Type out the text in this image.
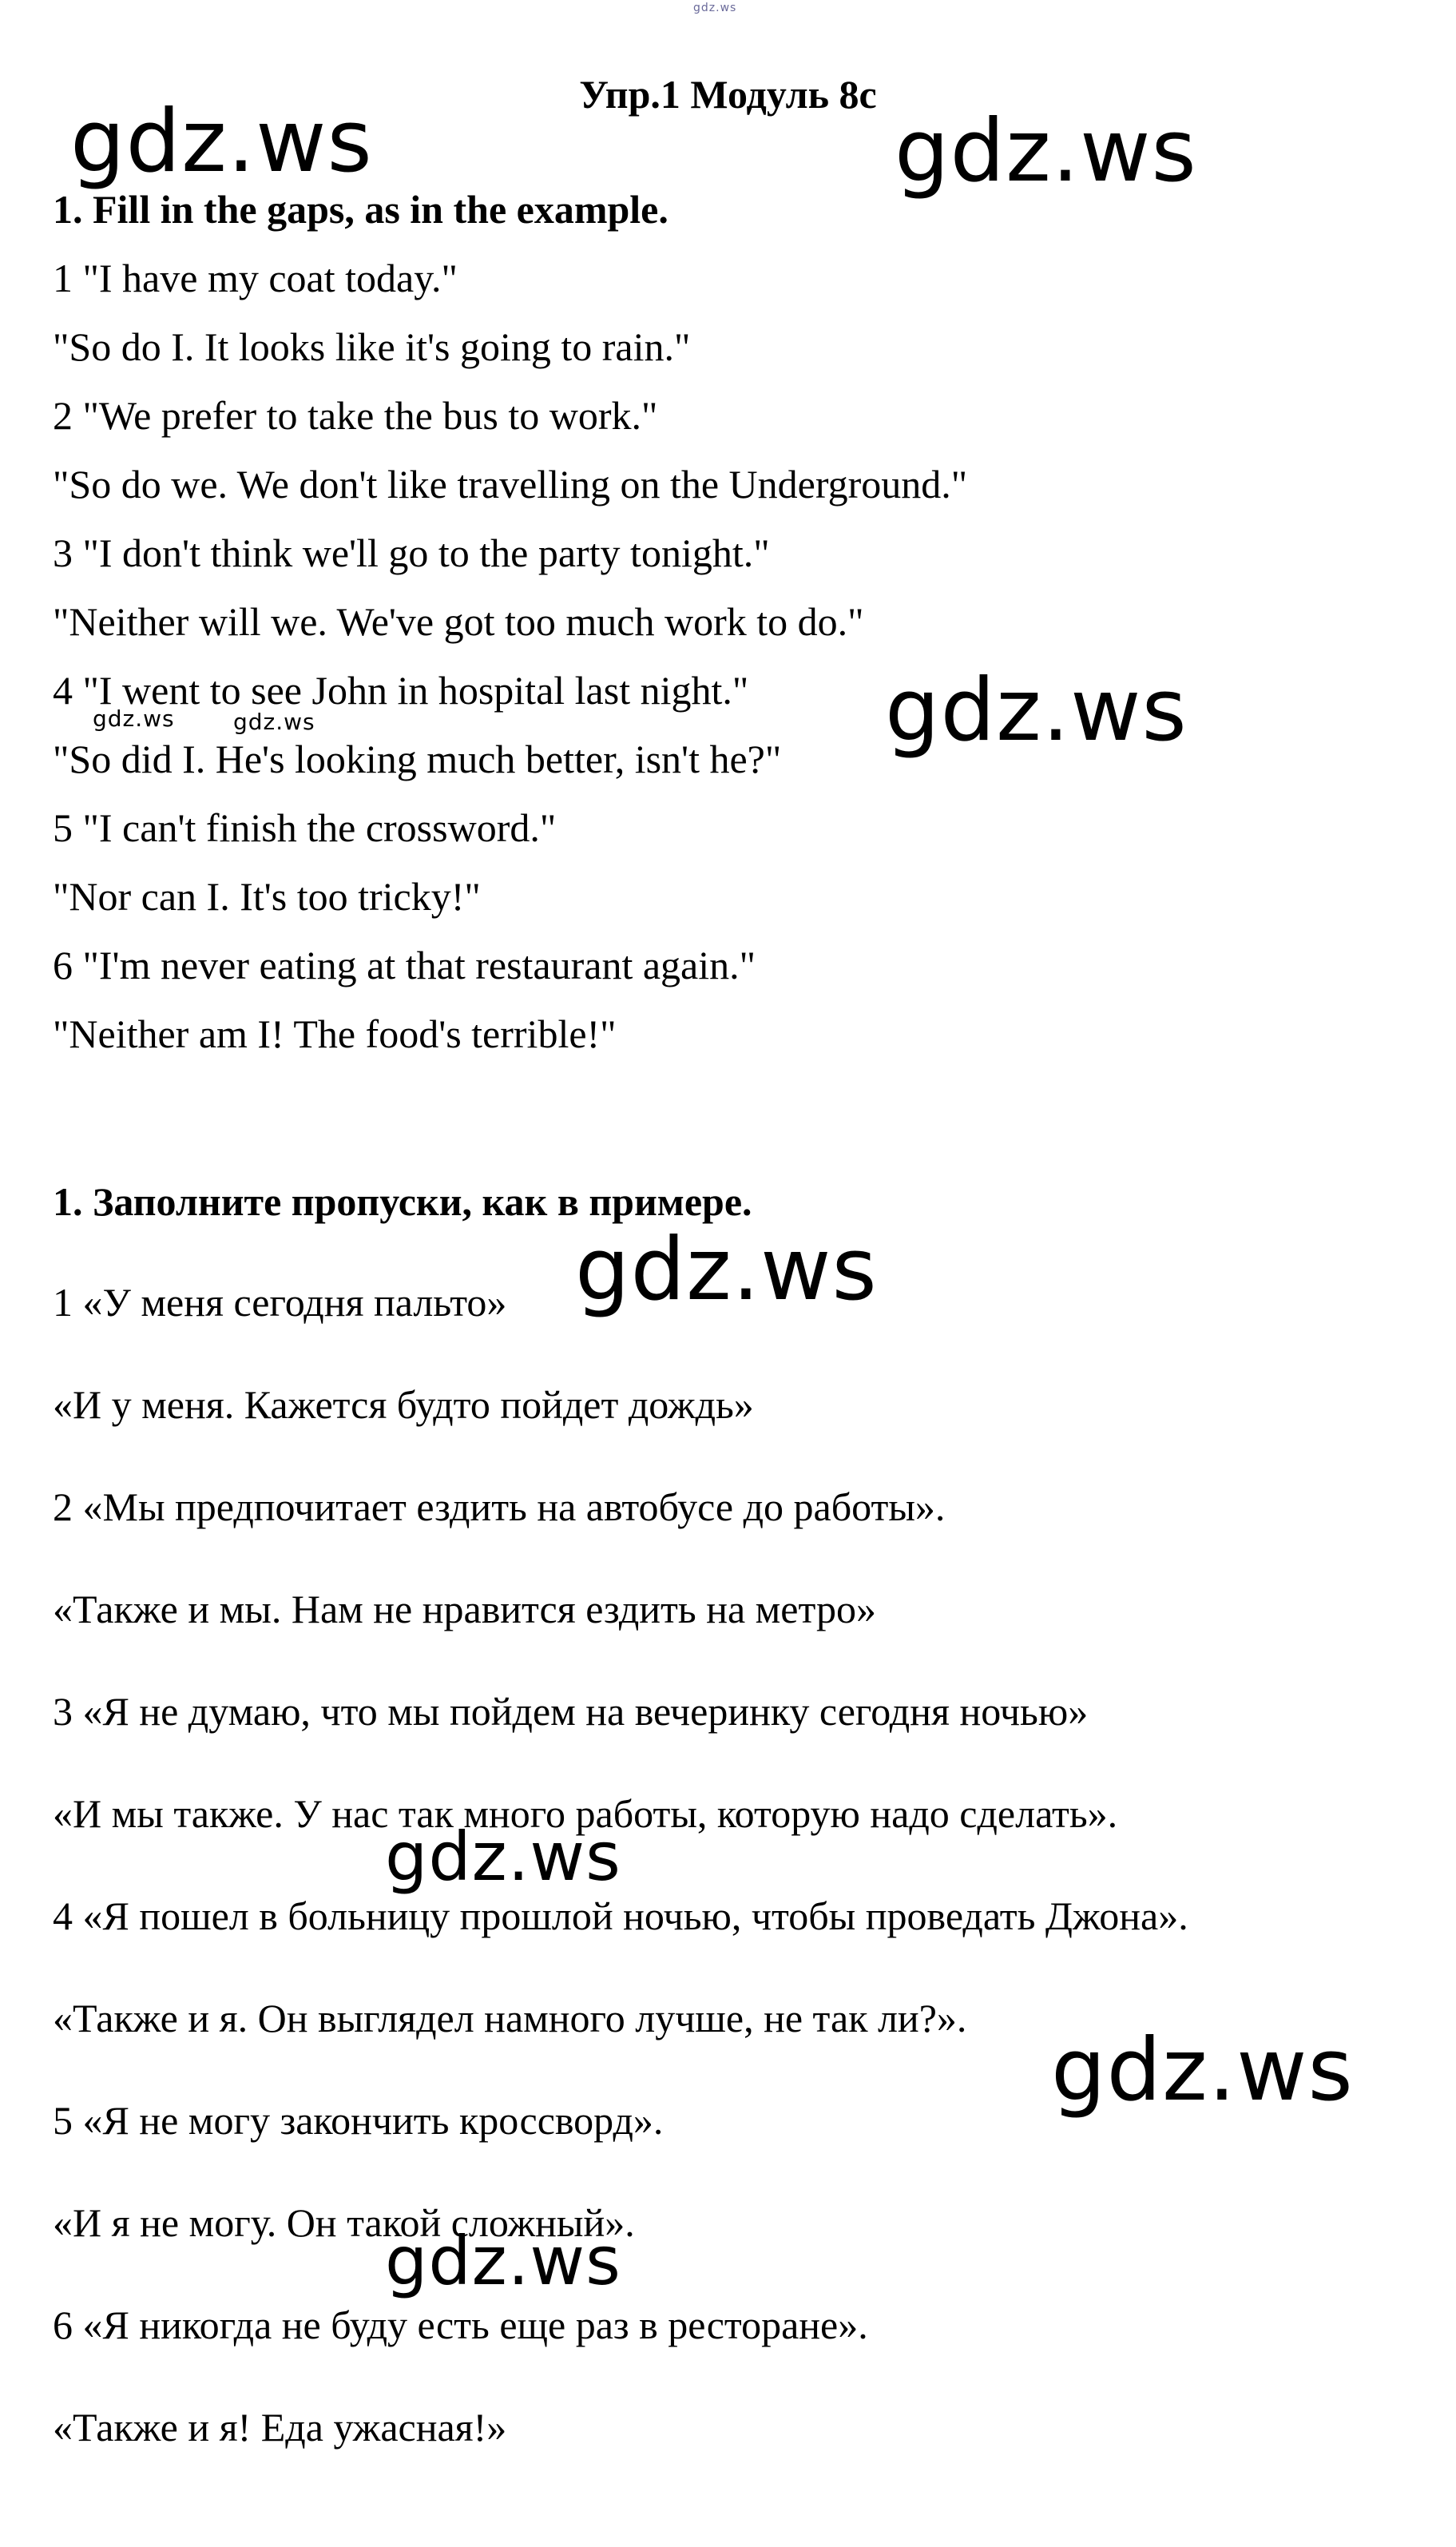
gdz.ws
Упр.1 Модуль 8с
1. Fill in the gaps, as in the example.
1 "I have my coat today."
"So do I. It looks like it's going to rain."
2 "We prefer to take the bus to work."
"So do we. We don't like travelling on the Underground."
3 "I don't think we'll go to the party tonight."
"Neither will we. We've got too much work to do."
4 "I went to see John in hospital last night."
"So did I. He's looking much better, isn't he?"
5 "I can't finish the crossword."
"Nor can I. It's too tricky!"
6 "I'm never eating at that restaurant again."
"Neither am I! The food's terrible!"
1. Заполните пропуски, как в примере.
1 «У меня сегодня пальто»
«И у меня. Кажется будто пойдет дождь»
2 «Мы предпочитает ездить на автобусе до работы».
«Также и мы. Нам не нравится ездить на метро»
3 «Я не думаю, что мы пойдем на вечеринку сегодня ночью»
«И мы также. У нас так много работы, которую надо сделать».
4 «Я пошел в больницу прошлой ночью, чтобы проведать Джона».
«Также и я. Он выглядел намного лучше, не так ли?».
5 «Я не могу закончить кроссворд».
«И я не могу. Он такой сложный».
6 «Я никогда не буду есть еще раз в ресторане».
«Также и я! Еда ужасная!»
gdz.ws	gdz.ws
gdz.ws
gdz.ws	gdz.ws
gdz.ws
gdz.ws
gdz.ws
gdz.ws
